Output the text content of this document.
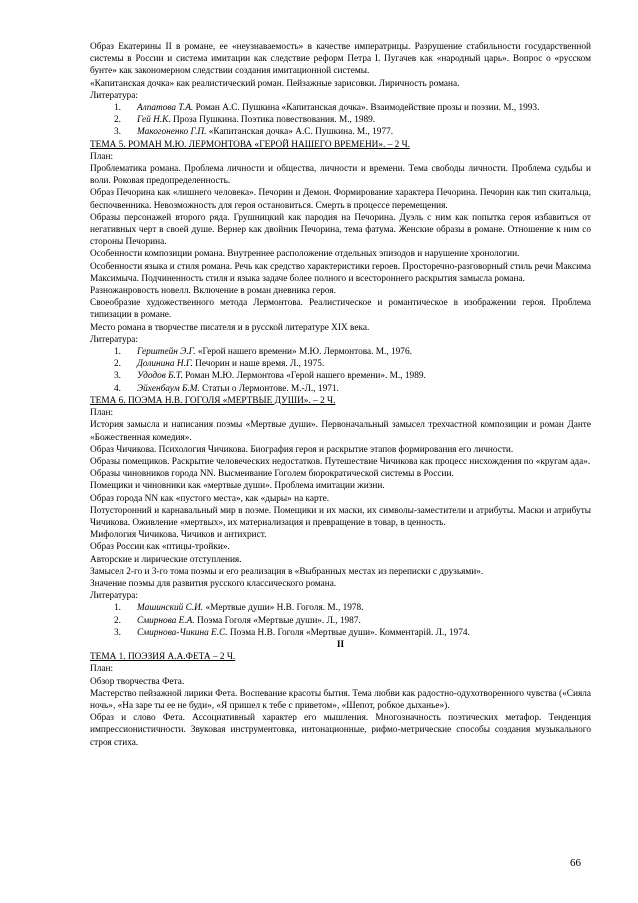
Образ Екатерины II в романе, ее «неузнаваемость» в качестве императрицы. Разрушение стабильности государственной системы в России и система имитации как следствие реформ Петра I. Пугачев как «народный царь». Вопрос о «русском бунте» как закономерном следствии создания имитационной системы.

«Капитанская дочка» как реалистический роман. Пейзажные зарисовки. Лиричность романа.

Литература:

1. Алпатова Т.А. Роман А.С. Пушкина «Капитанская дочка». Взаимодействие прозы и поэзии. М., 1993.
2. Гей Н.К. Проза Пушкина. Поэтика повествования. М., 1989.
3. Макогоненко Г.П. «Капитанская дочка» А.С. Пушкина. М., 1977.

ТЕМА 5. РОМАН М.Ю. ЛЕРМОНТОВА «ГЕРОЙ НАШЕГО ВРЕМЕНИ». – 2 Ч.

План:

Проблематика романа. Проблема личности и общества, личности и времени. Тема свободы личности. Проблема судьбы и воли. Роковая предопределенность.

Образ Печорина как «лишнего человека». Печорин и Демон. Формирование характера Печорина. Печорин как тип скитальца, беспочвенника. Невозможность для героя остановиться. Смерть в процессе перемещения.

Образы персонажей второго ряда. Грушницкий как пародия на Печорина. Дуэль с ним как попытка героя избавиться от негативных черт в своей душе. Вернер как двойник Печорина, тема фатума. Женские образы в романе. Отношение к ним со стороны Печорина.

Особенности композиции романа. Внутреннее расположение отдельных эпизодов и нарушение хронологии.

Особенности языка и стиля романа. Речь как средство характеристики героев. Просторечно-разговорный стиль речи Максима Максимыча. Подчиненность стиля и языка задаче более полного и всестороннего раскрытия замысла романа.

Разножанровость новелл. Включение в роман дневника героя.

Своеобразие художественного метода Лермонтова. Реалистическое и романтическое в изображении героя. Проблема типизации в романе.

Место романа в творчестве писателя и в русской литературе XIX века.

Литература:

1. Герштейн Э.Г. «Герой нашего времени» М.Ю. Лермонтова. М., 1976.
2. Долинина Н.Г. Печорин и наше время. Л., 1975.
3. Удодов Б.Т. Роман М.Ю. Лермонтова «Герой нашего времени». М., 1989.
4. Эйхенбаум Б.М. Статьи о Лермонтове. М.-Л., 1971.

ТЕМА 6. ПОЭМА Н.В. ГОГОЛЯ «МЕРТВЫЕ ДУШИ». – 2 Ч.

План:

История замысла и написания поэмы «Мертвые души». Первоначальный замысел трехчастной композиции и роман Данте «Божественная комедия».

Образ Чичикова. Психология Чичикова. Биография героя и раскрытие этапов формирования его личности.

Образы помещиков. Раскрытие человеческих недостатков. Путешествие Чичикова как процесс нисхождения по «кругам ада».

Образы чиновников города NN. Высмеивание Гоголем бюрократической системы в России.

Помещики и чиновники как «мертвые души». Проблема имитации жизни.

Образ города NN как «пустого места», как «дыры» на карте.

Потусторонний и карнавальный мир в поэме. Помещики и их маски, их символы-заместители и атрибуты. Маски и атрибуты Чичикова. Оживление «мертвых», их материализация и превращение в товар, в ценность.

Мифология Чичикова. Чичиков и антихрист.

Образ России как «птицы-тройки».

Авторские и лирические отступления.

Замысел 2-го и 3-го тома поэмы и его реализация в «Выбранных местах из переписки с друзьями».

Значение поэмы для развития русского классического романа.

Литература:

1. Машинский С.И. «Мертвые души» Н.В. Гоголя. М., 1978.
2. Смирнова Е.А. Поэма Гоголя «Мертвые души». Л., 1987.
3. Смирнова-Чикина Е.С. Поэма Н.В. Гоголя «Мертвые души». Комментарій. Л., 1974.

II

ТЕМА 1. ПОЭЗИЯ А.А.ФЕТА – 2 Ч.

План:

Обзор творчества Фета.

Мастерство пейзажной лирики Фета. Воспевание красоты бытия. Тема любви как радостно-одухотворенного чувства («Сияла ночь», «На заре ты ее не буди», «Я пришел к тебе с приветом», «Шепот, робкое дыханье»).

Образ и слово Фета. Ассоциативный характер его мышления. Многозначность поэтических метафор. Тенденция импрессионистичности. Звуковая инструментовка, интонационные, рифмо-метрические способы создания музыкального строя стиха.

66
